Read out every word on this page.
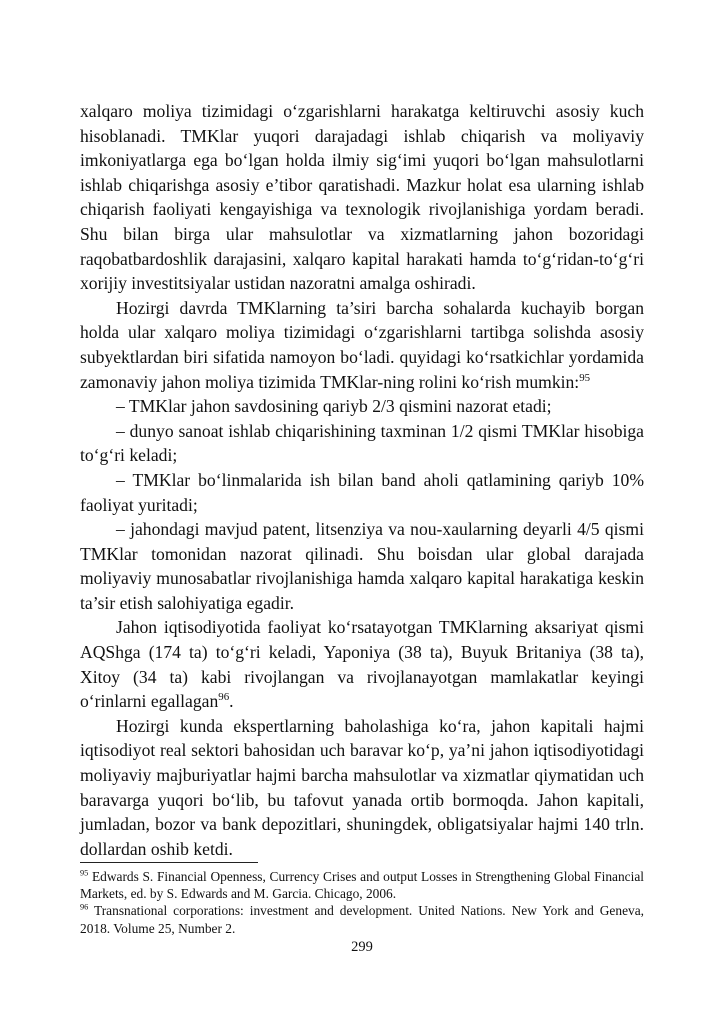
xalqaro moliya tizimidagi o‘zgarishlarni harakatga keltiruvchi asosiy kuch hisoblanadi. TMKlar yuqori darajadagi ishlab chiqarish va moliyaviy imkoniyatlarga ega bo‘lgan holda ilmiy sig‘imi yuqori bo‘lgan mahsulotlarni ishlab chiqarishga asosiy e’tibor qaratishadi. Mazkur holat esa ularning ishlab chiqarish faoliyati kengayishiga va texnologik rivojlanishiga yordam beradi. Shu bilan birga ular mahsulotlar va xizmatlarning jahon bozoridagi raqobatbardoshlik darajasini, xalqaro kapital harakati hamda to‘g‘ridan-to‘g‘ri xorijiy investitsiyalar ustidan nazoratni amalga oshiradi.

Hozirgi davrda TMKlarning ta’siri barcha sohalarda kuchayib borgan holda ular xalqaro moliya tizimidagi o‘zgarishlarni tartibga solishda asosiy subyektlardan biri sifatida namoyon bo‘ladi. quyidagi ko‘rsatkichlar yordamida zamonaviy jahon moliya tizimida TMKlar-ning rolini ko‘rish mumkin:$^{95}$

– TMKlar jahon savdosining qariyb 2/3 qismini nazorat etadi;

– dunyo sanoat ishlab chiqarishining taxminan 1/2 qismi TMKlar hisobiga to‘g‘ri keladi;

– TMKlar bo‘linmalarida ish bilan band aholi qatlamining qariyb 10% faoliyat yuritadi;

– jahondagi mavjud patent, litsenziya va nou-xaularning deyarli 4/5 qismi TMKlar tomonidan nazorat qilinadi. Shu boisdan ular global darajada moliyaviy munosabatlar rivojlanishiga hamda xalqaro kapital harakatiga keskin ta’sir etish salohiyatiga egadir.

Jahon iqtisodiyotida faoliyat ko‘rsatayotgan TMKlarning aksariyat qismi AQShga (174 ta) to‘g‘ri keladi, Yaponiya (38 ta), Buyuk Britaniya (38 ta), Xitoy (34 ta) kabi rivojlangan va rivojlanayotgan mamlakatlar keyingi o‘rinlarni egallagan$^{96}$.

Hozirgi kunda ekspertlarning baholashiga ko‘ra, jahon kapitali hajmi iqtisodiyot real sektori bahosidan uch baravar ko‘p, ya’ni jahon iqtisodiyotidagi moliyaviy majburiyatlar hajmi barcha mahsulotlar va xizmatlar qiymatidan uch baravarga yuqori bo‘lib, bu tafovut yanada ortib bormoqda. Jahon kapitali, jumladan, bozor va bank depozitlari, shuningdek, obligatsiyalar hajmi 140 trln. dollardan oshib ketdi.

$^{95}$ Edwards S. Financial Openness, Currency Crises and output Losses in Strengthening Global Financial Markets, ed. by S. Edwards and M. Garcia. Chicago, 2006.

$^{96}$ Transnational corporations: investment and development. United Nations. New York and Geneva, 2018. Volume 25, Number 2.

299
